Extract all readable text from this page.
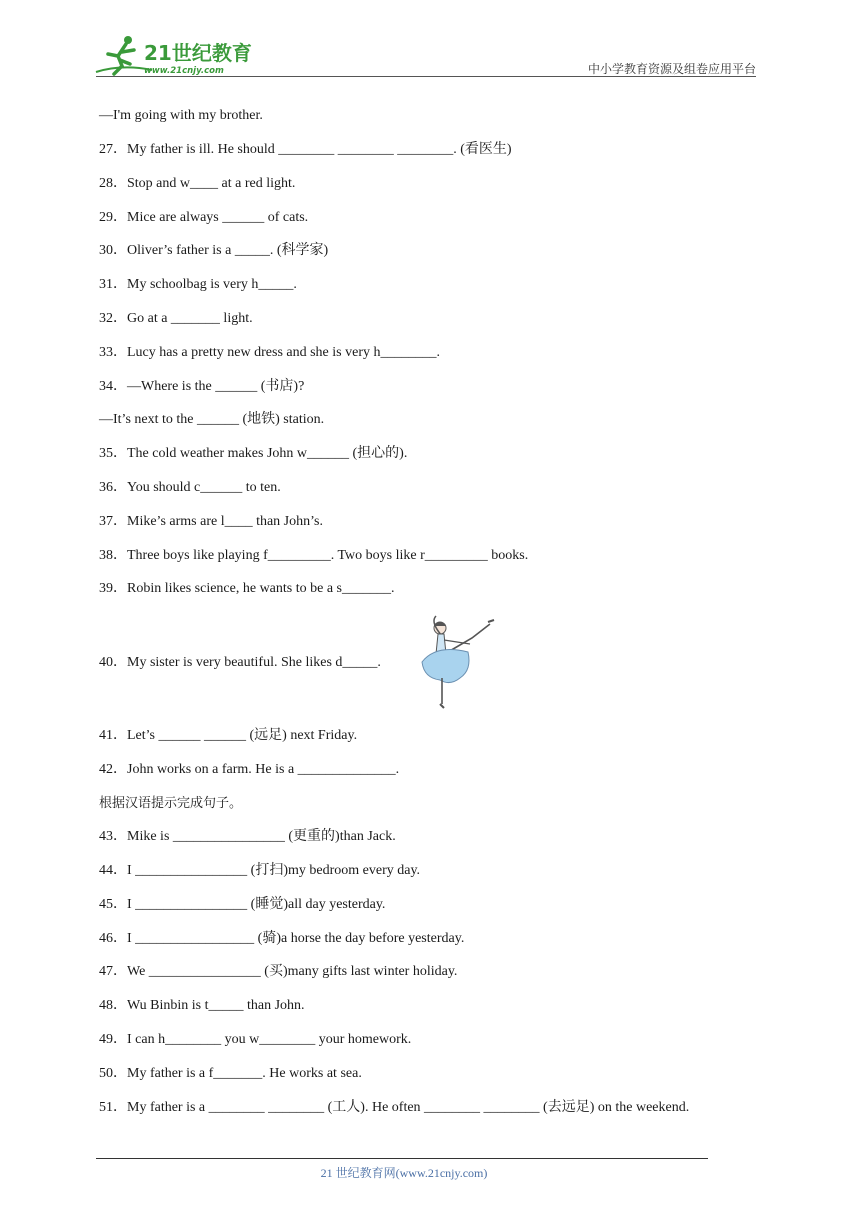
21世纪教育
www.21cnjy.com	中小学教育资源及组卷应用平台
—I'm going with my brother.
27．My father is ill. He should ________ ________ ________. (看医生)
28．Stop and w____ at a red light.
29．Mice are always ______ of cats.
30．Oliver’s father is a _____. (科学家)
31．My schoolbag is very h_____.
32．Go at a _______ light.
33．Lucy has a pretty new dress and she is very h________.
34．—Where is the ______ (书店)?
—It’s next to the ______ (地铁) station.
35．The cold weather makes John w______ (担心的).
36．You should c______ to ten.
37．Mike’s arms are l____ than John’s.
38．Three boys like playing f_________. Two boys like r_________ books.
39．Robin likes science, he wants to be a s_______.
40．My sister is very beautiful. She likes d_____.
41．Let’s ______ ______ (远足) next Friday.
42．John works on a farm. He is a ______________.
根据汉语提示完成句子。
43．Mike is ________________ (更重的)than Jack.
44．I ________________ (打扫)my bedroom every day.
45．I ________________ (睡觉)all day yesterday.
46．I _________________ (骑)a horse the day before yesterday.
47．We ________________ (买)many gifts last winter holiday.
48．Wu Binbin is t_____ than John.
49．I can h________ you w________ your homework.
50．My father is a f_______. He works at sea.
51．My father is a ________ ________ (工人). He often ________ ________ (去远足) on the weekend.
21 世纪教育网(www.21cnjy.com)
